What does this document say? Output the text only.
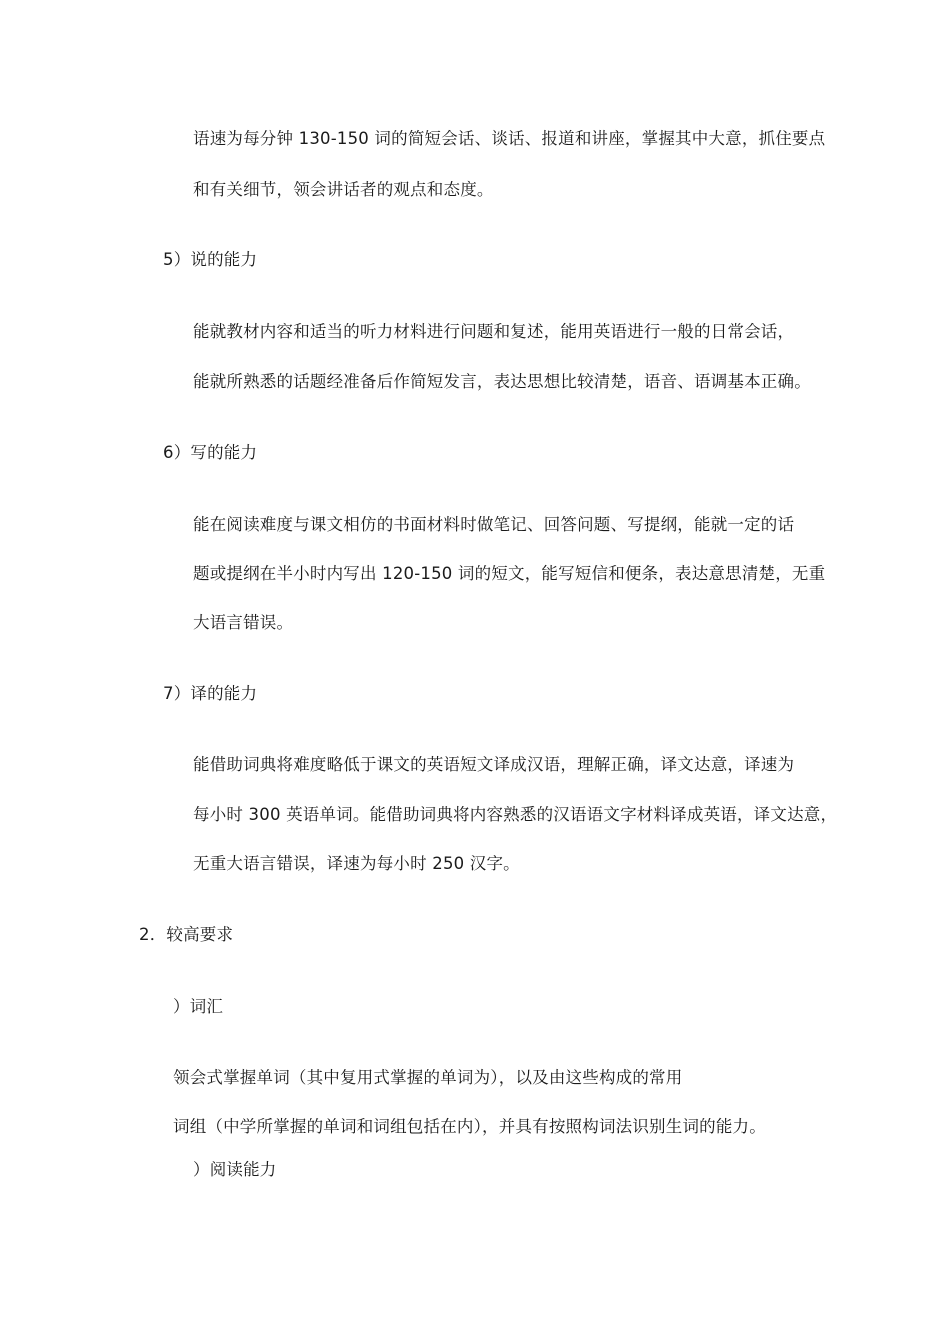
语速为每分钟 130-150 词的简短会话、谈话、报道和讲座，掌握其中大意，抓住要点
和有关细节，领会讲话者的观点和态度。
5）说的能力
能就教材内容和适当的听力材料进行问题和复述，能用英语进行一般的日常会话，
能就所熟悉的话题经准备后作简短发言，表达思想比较清楚，语音、语调基本正确。
6）写的能力
能在阅读难度与课文相仿的书面材料时做笔记、回答问题、写提纲，能就一定的话
题或提纲在半小时内写出 120-150 词的短文，能写短信和便条，表达意思清楚，无重
大语言错误。
7）译的能力
能借助词典将难度略低于课文的英语短文译成汉语，理解正确，译文达意，译速为
每小时 300 英语单词。能借助词典将内容熟悉的汉语语文字材料译成英语，译文达意，
无重大语言错误，译速为每小时 250 汉字。
2．较高要求
）词汇
领会式掌握单词（其中复用式掌握的单词为），以及由这些构成的常用
词组（中学所掌握的单词和词组包括在内），并具有按照构词法识别生词的能力。
）阅读能力
